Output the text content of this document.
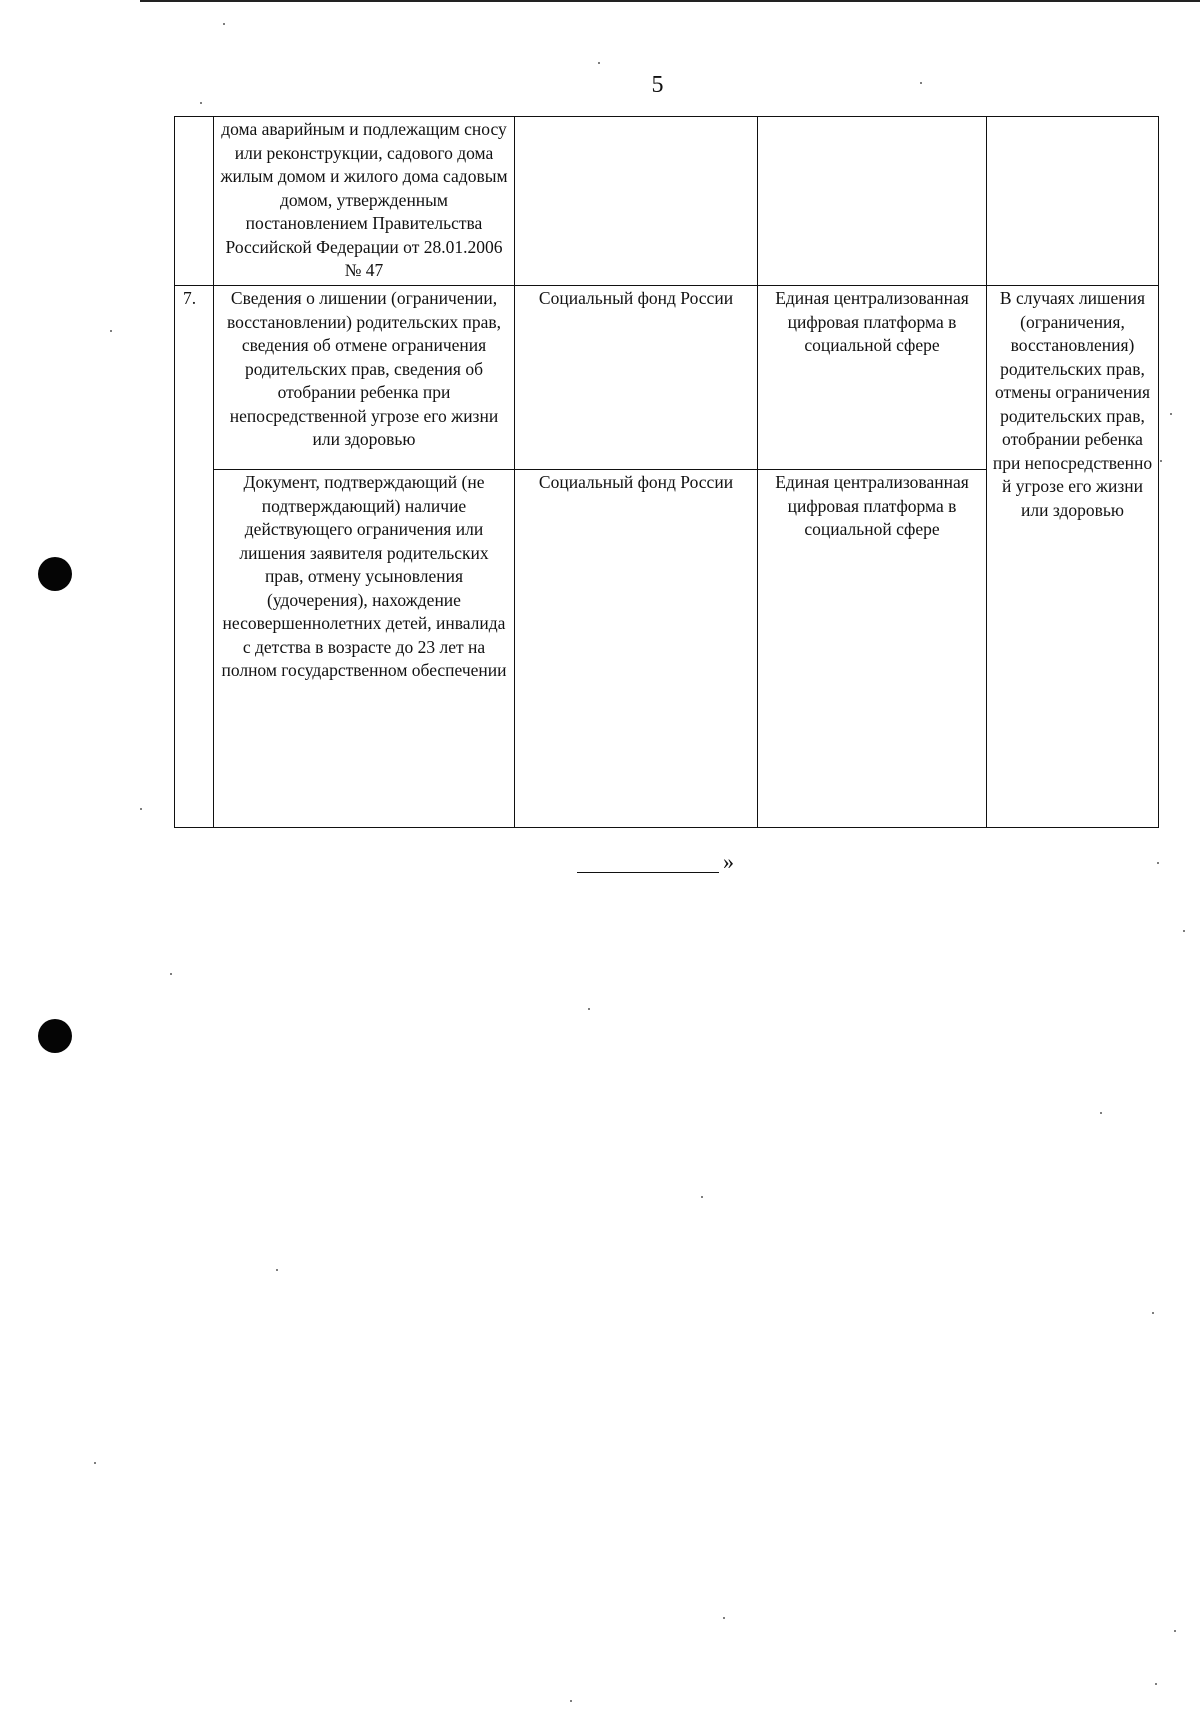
5

	дома аварийным и подлежащим сносу или реконструкции, садового дома жилым домом и жилого дома садовым домом, утвержденным постановлением Правительства Российской Федерации от 28.01.2006 № 47			

7.	Сведения о лишении (ограничении, восстановлении) родительских прав, сведения об отмене ограничения родительских прав, сведения об отобрании ребенка при непосредственной угрозе его жизни или здоровью	Социальный фонд России	Единая централизованная цифровая платформа в социальной сфере	В случаях лишения (ограничения, восстановления) родительских прав, отмены ограничения родительских прав, отобрании ребенка при непосредственно й угрозе его жизни или здоровью

	Документ, подтверждающий (не подтверждающий) наличие действующего ограничения или лишения заявителя родительских прав, отмену усыновления (удочерения), нахождение несовершеннолетних детей, инвалида с детства в возрасте до 23 лет на полном государственном обеспечении	Социальный фонд России	Единая централизованная цифровая платформа в социальной сфере	
»
